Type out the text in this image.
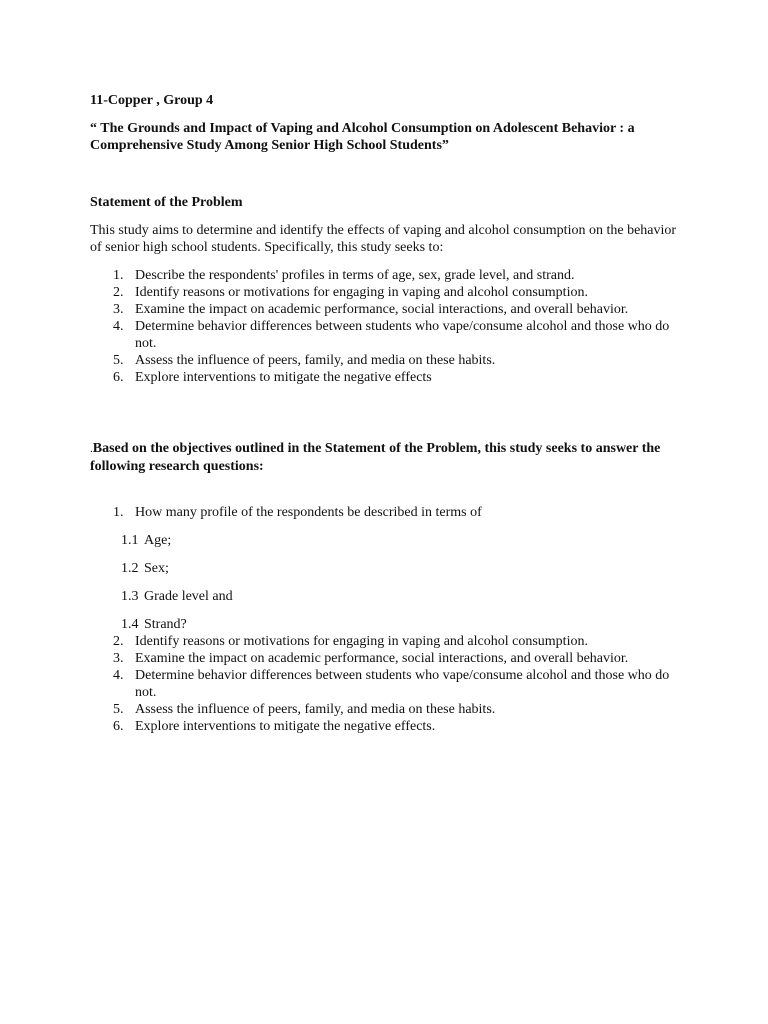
11-Copper , Group 4

“ The Grounds and Impact of Vaping and Alcohol Consumption on Adolescent Behavior : a Comprehensive Study Among Senior High School Students”

Statement of the Problem

This study aims to determine and identify the effects of vaping and alcohol consumption on the behavior of senior high school students. Specifically, this study seeks to:

1. Describe the respondents' profiles in terms of age, sex, grade level, and strand.
2. Identify reasons or motivations for engaging in vaping and alcohol consumption.
3. Examine the impact on academic performance, social interactions, and overall behavior.
4. Determine behavior differences between students who vape/consume alcohol and those who do not.
5. Assess the influence of peers, family, and media on these habits.
6. Explore interventions to mitigate the negative effects

.Based on the objectives outlined in the Statement of the Problem, this study seeks to answer the following research questions:

1. How many profile of the respondents be described in terms of
1.1 Age;
1.2 Sex;
1.3 Grade level and
1.4 Strand?
2. Identify reasons or motivations for engaging in vaping and alcohol consumption.
3. Examine the impact on academic performance, social interactions, and overall behavior.
4. Determine behavior differences between students who vape/consume alcohol and those who do not.
5. Assess the influence of peers, family, and media on these habits.
6. Explore interventions to mitigate the negative effects.
